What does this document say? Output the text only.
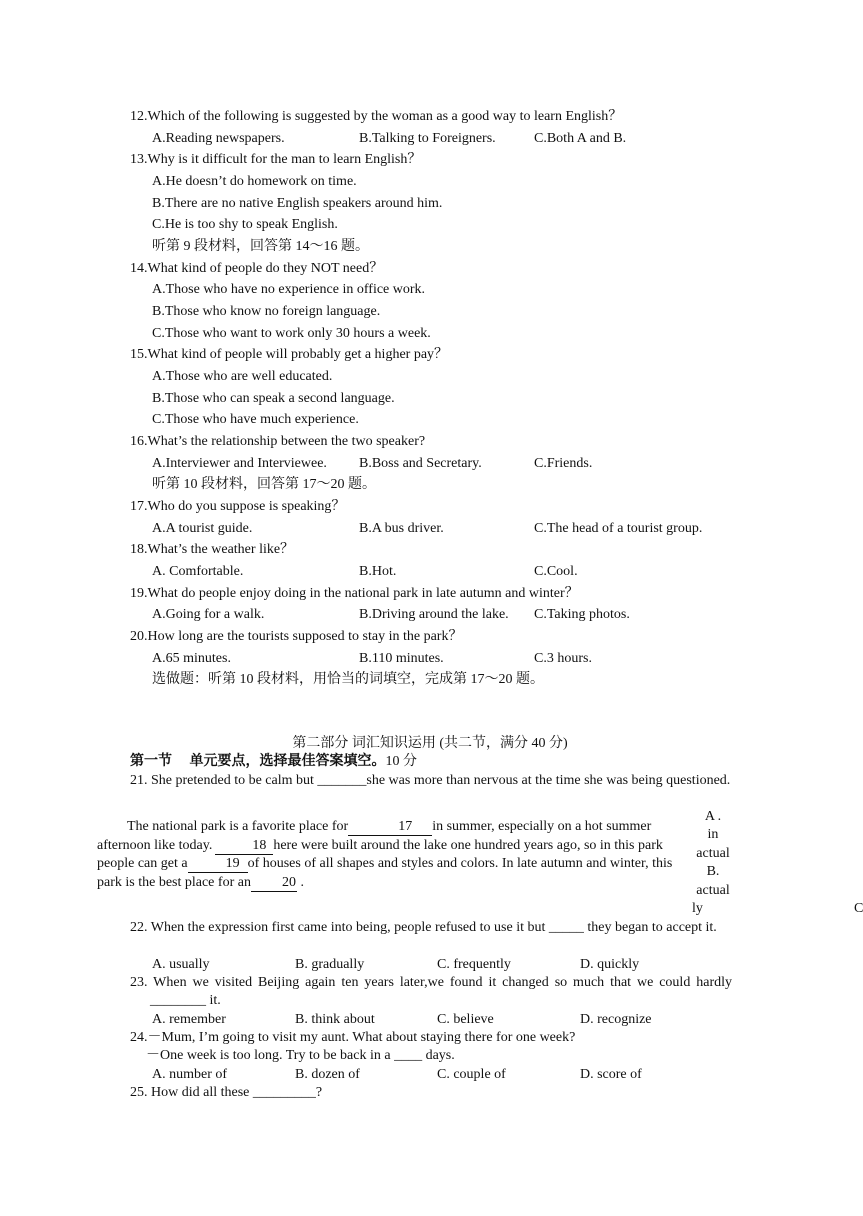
12.Which of the following is suggested by the woman as a good way to learn English？
A.Reading newspapers.	B.Talking to Foreigners.	C.Both A and B.
13.Why is it difficult for the man to learn English？
A.He doesn’t do homework on time.
B.There are no native English speakers around him.
C.He is too shy to speak English.
听第 9 段材料，回答第 14～16 题。
14.What kind of people do they NOT need？
A.Those who have no experience in office work.
B.Those who know no foreign language.
C.Those who want to work only 30 hours a week.
15.What kind of people will probably get a higher pay？
A.Those who are well educated.
B.Those who can speak a second language.
C.Those who have much experience.
16.What’s the relationship between the two speaker?
A.Interviewer and Interviewee. B.Boss and Secretary.	C.Friends.
听第 10 段材料，回答第 17～20 题。
17.Who do you suppose is speaking？
A.A tourist guide.	B.A bus driver.	C.The head of a tourist group.
18.What’s the weather like？
A. Comfortable.	B.Hot.	C.Cool.
19.What do people enjoy doing in the national park in late autumn and winter？
A.Going for a walk.	B.Driving around the lake. C.Taking photos.
20.How long are the tourists supposed to stay in the park？
A.65 minutes.	B.110 minutes.	C.3 hours.
选做题：听第 10 段材料，用恰当的词填空，完成第 17～20 题。
第二部分 词汇知识运用 (共二节，满分 40 分)
第一节 单元要点，选择最佳答案填空。10 分
21. She pretended to be calm but _______she was more than nervous at the time she was being questioned.
The national park is a favorite place for	17 in summer, especially on a hot summer afternoon like today.	18 here were built around the lake one hundred years ago, so in this park people can get a	19 of houses of all shapes and styles and colors. In late autumn and winter, this park is the best place for an 20 .
A .
in
actual
B.
actual
ly	C
22. When the expression first came into being, people refused to use it but _____ they began to accept it.
A. usually	B. gradually	C. frequently	D. quickly
23. When we visited Beijing again ten years later,we found it changed so much that we could hardly ________ it.
A. remember	B. think about	C. believe	D. recognize
24.－Mum, I’m going to visit my aunt. What about staying there for one week?
－One week is too long. Try to be back in a ____ days.
A. number of	B. dozen of	C. couple of	D. score of
25. How did all these _________?
